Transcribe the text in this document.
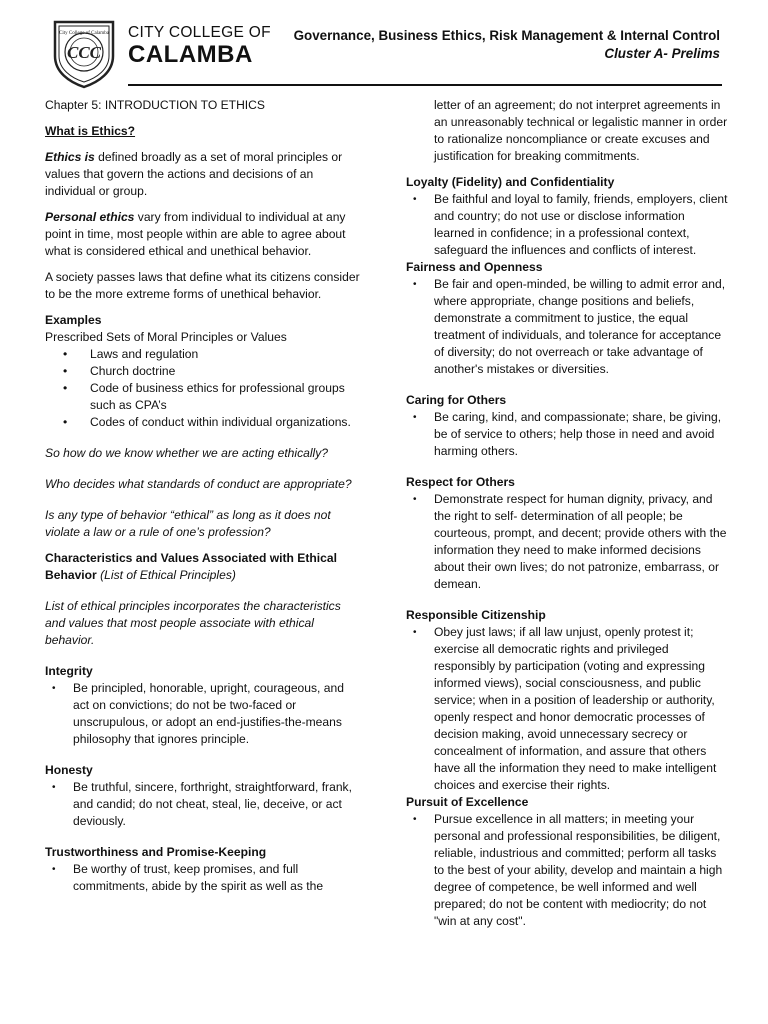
CCC
City College of Calamba CITY COLLEGE OF
CALAMBA
Governance, Business Ethics, Risk Management & Internal Control
Cluster A- Prelims

Chapter 5: INTRODUCTION TO ETHICS

What is Ethics?

Ethics is defined broadly as a set of moral principles or values that govern the actions and decisions of an individual or group.

Personal ethics vary from individual to individual at any point in time, most people within are able to agree about what is considered ethical and unethical behavior.

A society passes laws that define what its citizens consider to be the more extreme forms of unethical behavior.

Examples

Prescribed Sets of Moral Principles or Values

• Laws and regulation
• Church doctrine
• Code of business ethics for professional groups such as CPA’s
• Codes of conduct within individual organizations.

So how do we know whether we are acting ethically?

Who decides what standards of conduct are appropriate?

Is any type of behavior “ethical” as long as it does not violate a law or a rule of one’s profession?

Characteristics and Values Associated with Ethical Behavior (List of Ethical Principles)

List of ethical principles incorporates the characteristics and values that most people associate with ethical behavior.

Integrity

• Be principled, honorable, upright, courageous, and act on convictions; do not be two-faced or unscrupulous, or adopt an end-justifies-the-means philosophy that ignores principle.

Honesty

• Be truthful, sincere, forthright, straightforward, frank, and candid; do not cheat, steal, lie, deceive, or act deviously.

Trustworthiness and Promise-Keeping

• Be worthy of trust, keep promises, and full commitments, abide by the spirit as well as the

letter of an agreement; do not interpret agreements in an unreasonably technical or legalistic manner in order to rationalize noncompliance or create excuses and justification for breaking commitments.

Loyalty (Fidelity) and Confidentiality

• Be faithful and loyal to family, friends, employers, client and country; do not use or disclose information learned in confidence; in a professional context, safeguard the influences and conflicts of interest.

Fairness and Openness

• Be fair and open-minded, be willing to admit error and, where appropriate, change positions and beliefs, demonstrate a commitment to justice, the equal treatment of individuals, and tolerance for acceptance of diversity; do not overreach or take advantage of another's mistakes or diversities.

Caring for Others

• Be caring, kind, and compassionate; share, be giving, be of service to others; help those in need and avoid harming others.

Respect for Others

• Demonstrate respect for human dignity, privacy, and the right to self- determination of all people; be courteous, prompt, and decent; provide others with the information they need to make informed decisions about their own lives; do not patronize, embarrass, or demean.

Responsible Citizenship

• Obey just laws; if all law unjust, openly protest it; exercise all democratic rights and privileged responsibly by participation (voting and expressing informed views), social consciousness, and public service; when in a position of leadership or authority, openly respect and honor democratic processes of decision making, avoid unnecessary secrecy or concealment of information, and assure that others have all the information they need to make intelligent choices and exercise their rights.

Pursuit of Excellence

• Pursue excellence in all matters; in meeting your personal and professional responsibilities, be diligent, reliable, industrious and committed; perform all tasks to the best of your ability, develop and maintain a high degree of competence, be well informed and well prepared; do not be content with mediocrity; do not "win at any cost".
